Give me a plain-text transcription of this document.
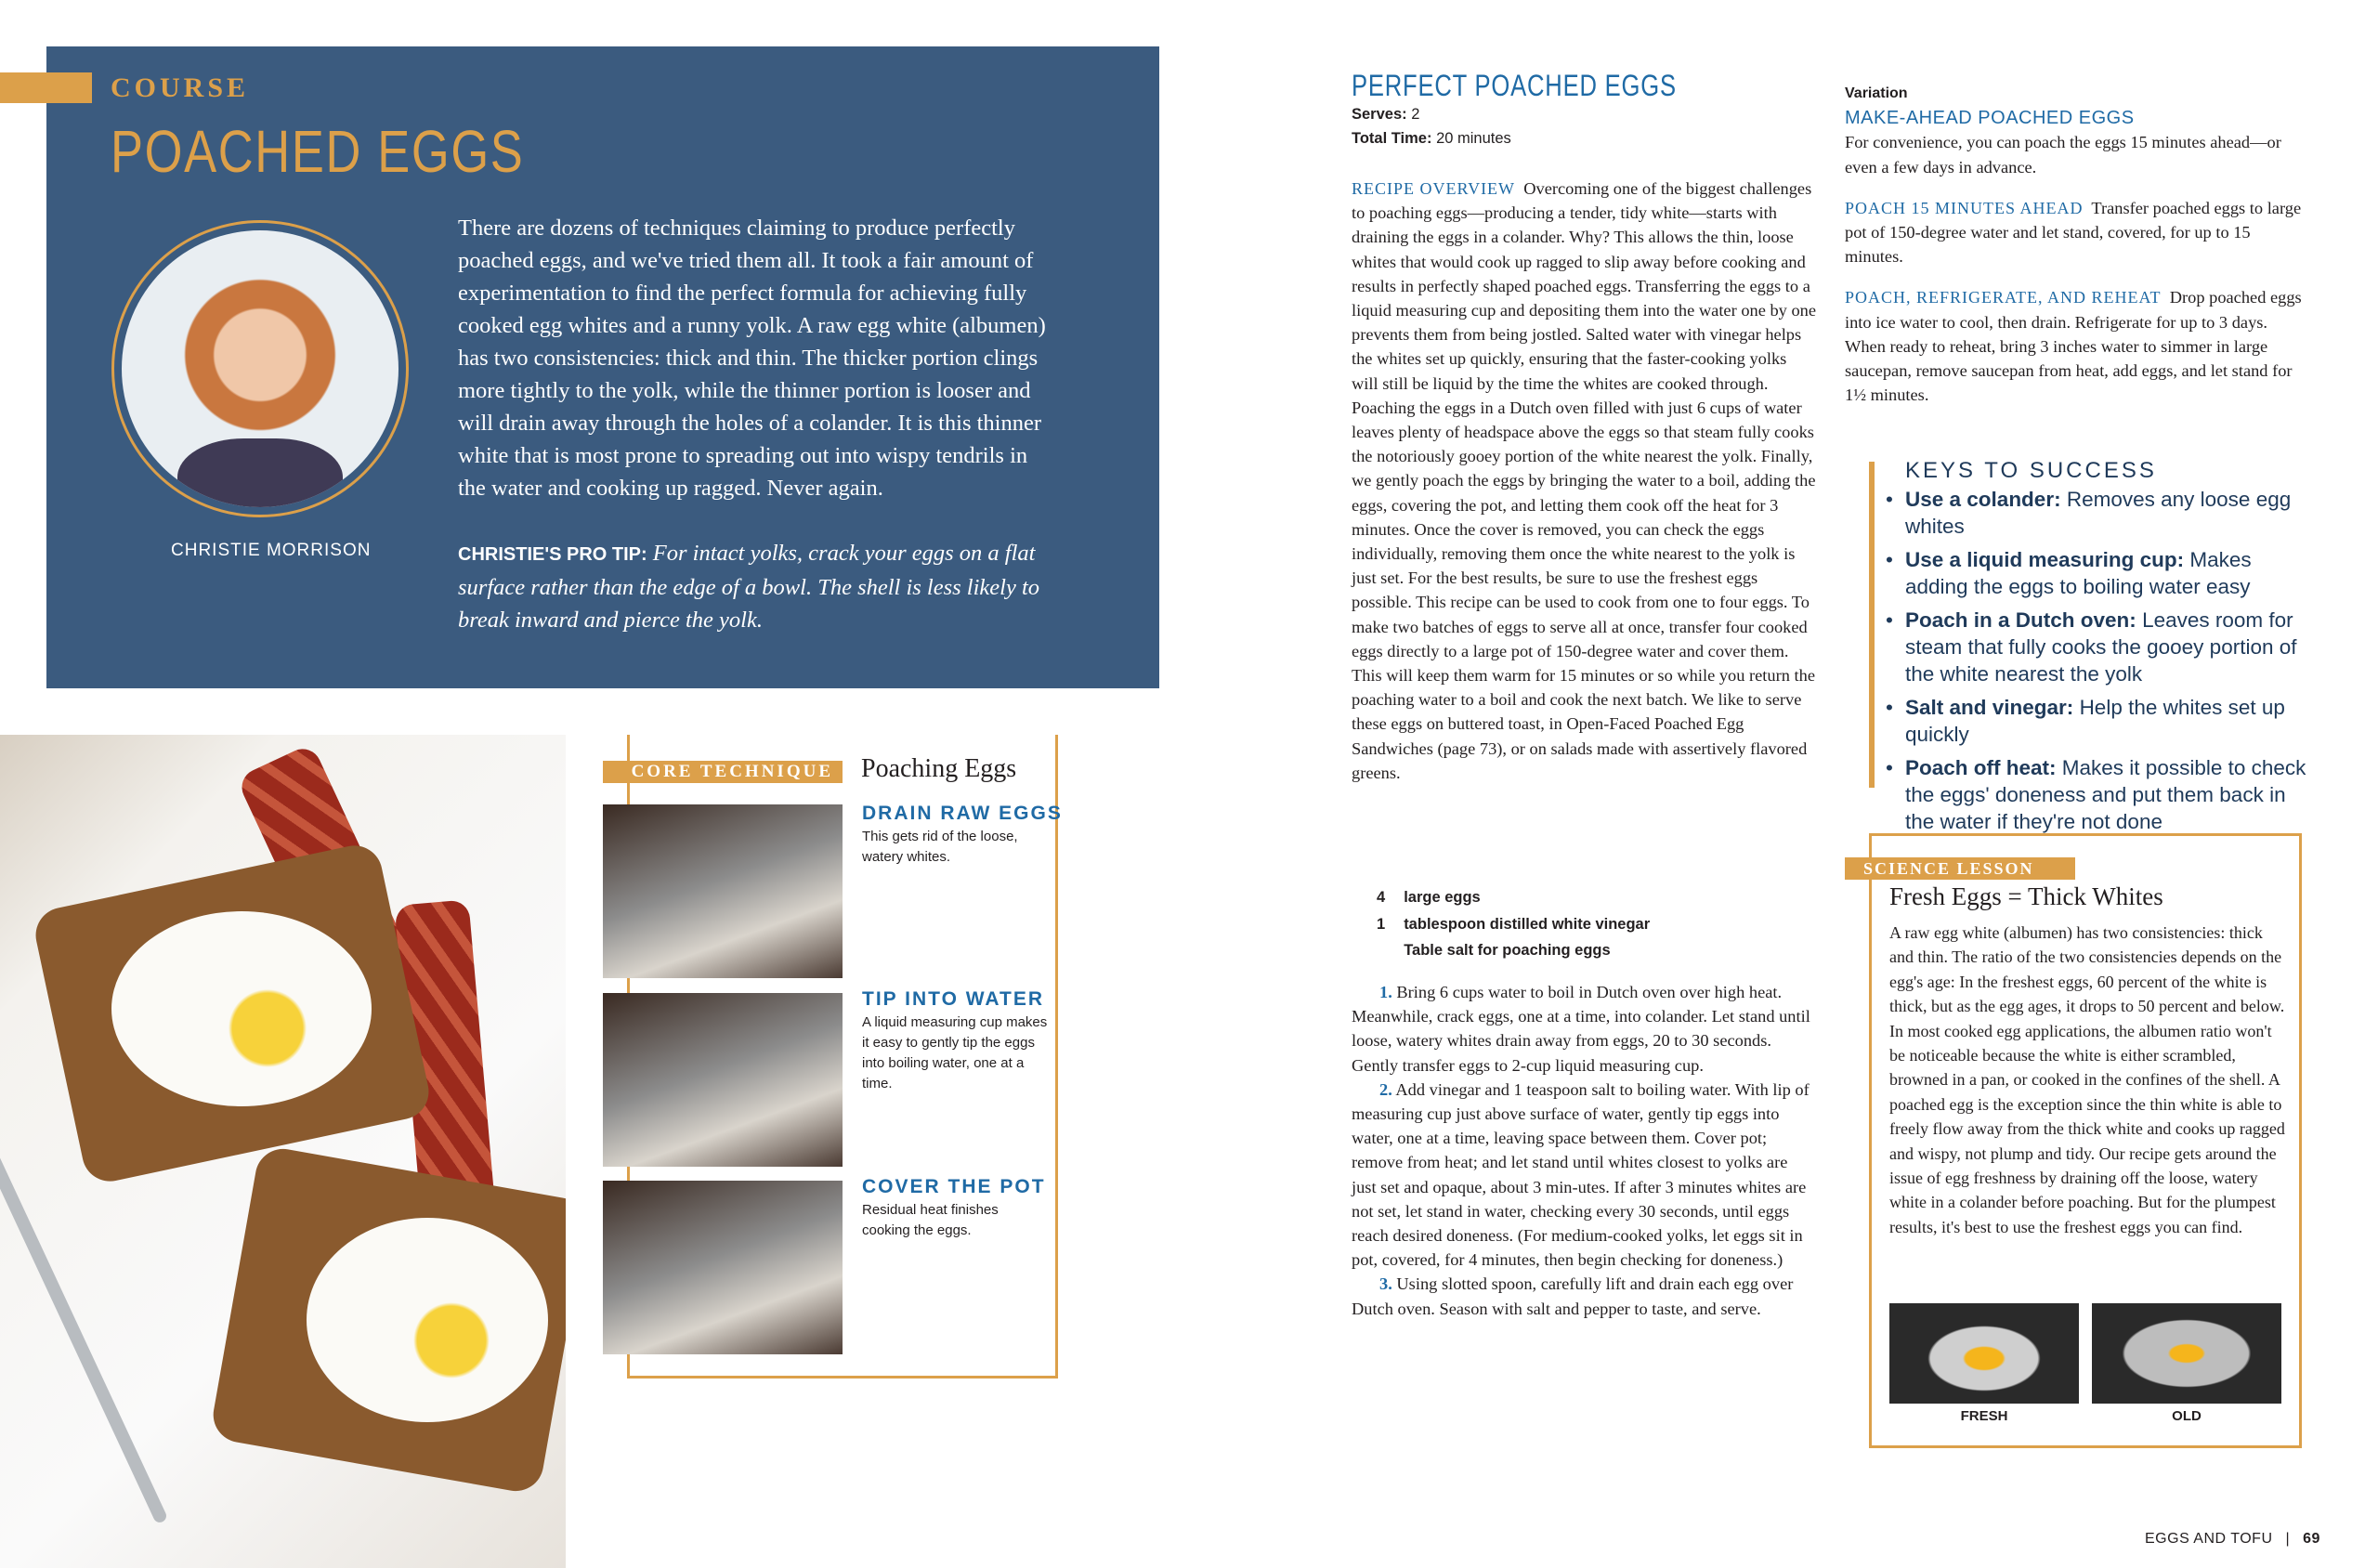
COURSE
POACHED EGGS
CHRISTIE MORRISON
There are dozens of techniques claiming to produce perfectly poached eggs, and we've tried them all. It took a fair amount of experimentation to find the perfect formula for achieving fully cooked egg whites and a runny yolk. A raw egg white (albumen) has two consistencies: thick and thin. The thicker portion clings more tightly to the yolk, while the thinner portion is looser and will drain away through the holes of a colander. It is this thinner white that is most prone to spreading out into wispy tendrils in the water and cooking up ragged. Never again.
CHRISTIE'S PRO TIP: For intact yolks, crack your eggs on a flat surface rather than the edge of a bowl. The shell is less likely to break inward and pierce the yolk.
CORE TECHNIQUE	Poaching Eggs
DRAIN RAW EGGS
This gets rid of the loose, watery whites.
TIP INTO WATER
A liquid measuring cup makes it easy to gently tip the eggs into boiling water, one at a time.
COVER THE POT
Residual heat finishes cooking the eggs.
PERFECT POACHED EGGS
Serves: 2
Total Time: 20 minutes
RECIPE OVERVIEW Overcoming one of the biggest challenges to poaching eggs—producing a tender, tidy white—starts with draining the eggs in a colander. Why? This allows the thin, loose whites that would cook up ragged to slip away before cooking and results in perfectly shaped poached eggs. Transferring the eggs to a liquid measuring cup and depositing them into the water one by one prevents them from being jostled. Salted water with vinegar helps the whites set up quickly, ensuring that the faster-cooking yolks will still be liquid by the time the whites are cooked through. Poaching the eggs in a Dutch oven filled with just 6 cups of water leaves plenty of headspace above the eggs so that steam fully cooks the notoriously gooey portion of the white nearest the yolk. Finally, we gently poach the eggs by bringing the water to a boil, adding the eggs, covering the pot, and letting them cook off the heat for 3 minutes. Once the cover is removed, you can check the eggs individually, removing them once the white nearest to the yolk is just set. For the best results, be sure to use the freshest eggs possible. This recipe can be used to cook from one to four eggs. To make two batches of eggs to serve all at once, transfer four cooked eggs directly to a large pot of 150-degree water and cover them. This will keep them warm for 15 minutes or so while you return the poaching water to a boil and cook the next batch. We like to serve these eggs on buttered toast, in Open-Faced Poached Egg Sandwiches (page 73), or on salads made with assertively flavored greens.
4	large eggs
1	tablespoon distilled white vinegar
	Table salt for poaching eggs

1. Bring 6 cups water to boil in Dutch oven over high heat. Meanwhile, crack eggs, one at a time, into colander. Let stand until loose, watery whites drain away from eggs, 20 to 30 seconds. Gently transfer eggs to 2-cup liquid measuring cup.

2. Add vinegar and 1 teaspoon salt to boiling water. With lip of measuring cup just above surface of water, gently tip eggs into water, one at a time, leaving space between them. Cover pot; remove from heat; and let stand until whites closest to yolks are just set and opaque, about 3 min-utes. If after 3 minutes whites are not set, let stand in water, checking every 30 seconds, until eggs reach desired doneness. (For medium-cooked yolks, let eggs sit in pot, covered, for 4 minutes, then begin checking for doneness.)

3. Using slotted spoon, carefully lift and drain each egg over Dutch oven. Season with salt and pepper to taste, and serve.

Variation
MAKE-AHEAD POACHED EGGS

For convenience, you can poach the eggs 15 minutes ahead—or even a few days in advance.

POACH 15 MINUTES AHEAD Transfer poached eggs to large pot of 150-degree water and let stand, covered, for up to 15 minutes.

POACH, REFRIGERATE, AND REHEAT Drop poached eggs into ice water to cool, then drain. Refrigerate for up to 3 days. When ready to reheat, bring 3 inches water to simmer in large saucepan, remove saucepan from heat, add eggs, and let stand for 1½ minutes.

KEYS TO SUCCESS
• Use a colander: Removes any loose egg whites
• Use a liquid measuring cup: Makes adding the eggs to boiling water easy
• Poach in a Dutch oven: Leaves room for steam that fully cooks the gooey portion of the white nearest the yolk
• Salt and vinegar: Help the whites set up quickly
• Poach off heat: Makes it possible to check the eggs' doneness and put them back in the water if they're not done
SCIENCE LESSON
Fresh Eggs = Thick Whites
A raw egg white (albumen) has two consistencies: thick and thin. The ratio of the two consistencies depends on the egg's age: In the freshest eggs, 60 percent of the white is thick, but as the egg ages, it drops to 50 percent and below. In most cooked egg applications, the albumen ratio won't be noticeable because the white is either scrambled, browned in a pan, or cooked in the confines of the shell. A poached egg is the exception since the thin white is able to freely flow away from the thick white and cooks up ragged and wispy, not plump and tidy. Our recipe gets around the issue of egg freshness by draining off the loose, watery white in a colander before poaching. But for the plumpest results, it's best to use the freshest eggs you can find.
FRESH	OLD
EGGS AND TOFU | 69
